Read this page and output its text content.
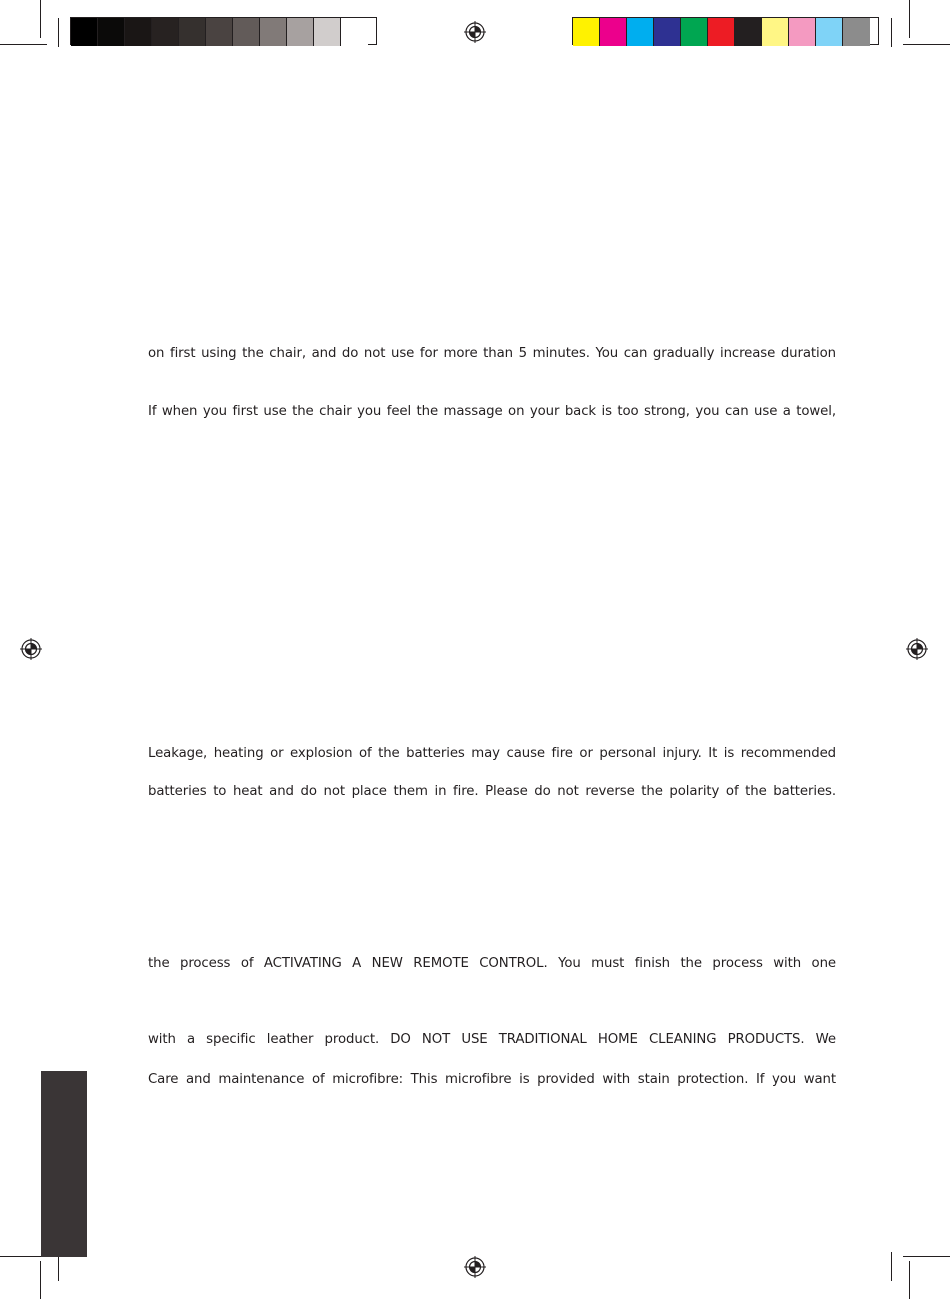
on first using the chair, and do not use for more than 5 minutes. You can gradually increase duration
If when you first use the chair you feel the massage on your back is too strong, you can use a towel,
Leakage, heating or explosion of the batteries may cause fire or personal injury. It is recommended
batteries to heat and do not place them in fire. Please do not reverse the polarity of the batteries.
the process of ACTIVATING A NEW REMOTE CONTROL. You must finish the process with one
with a specific leather product. DO NOT USE TRADITIONAL HOME CLEANING PRODUCTS. We
Care and maintenance of microfibre: This microfibre is provided with stain protection. If you want
